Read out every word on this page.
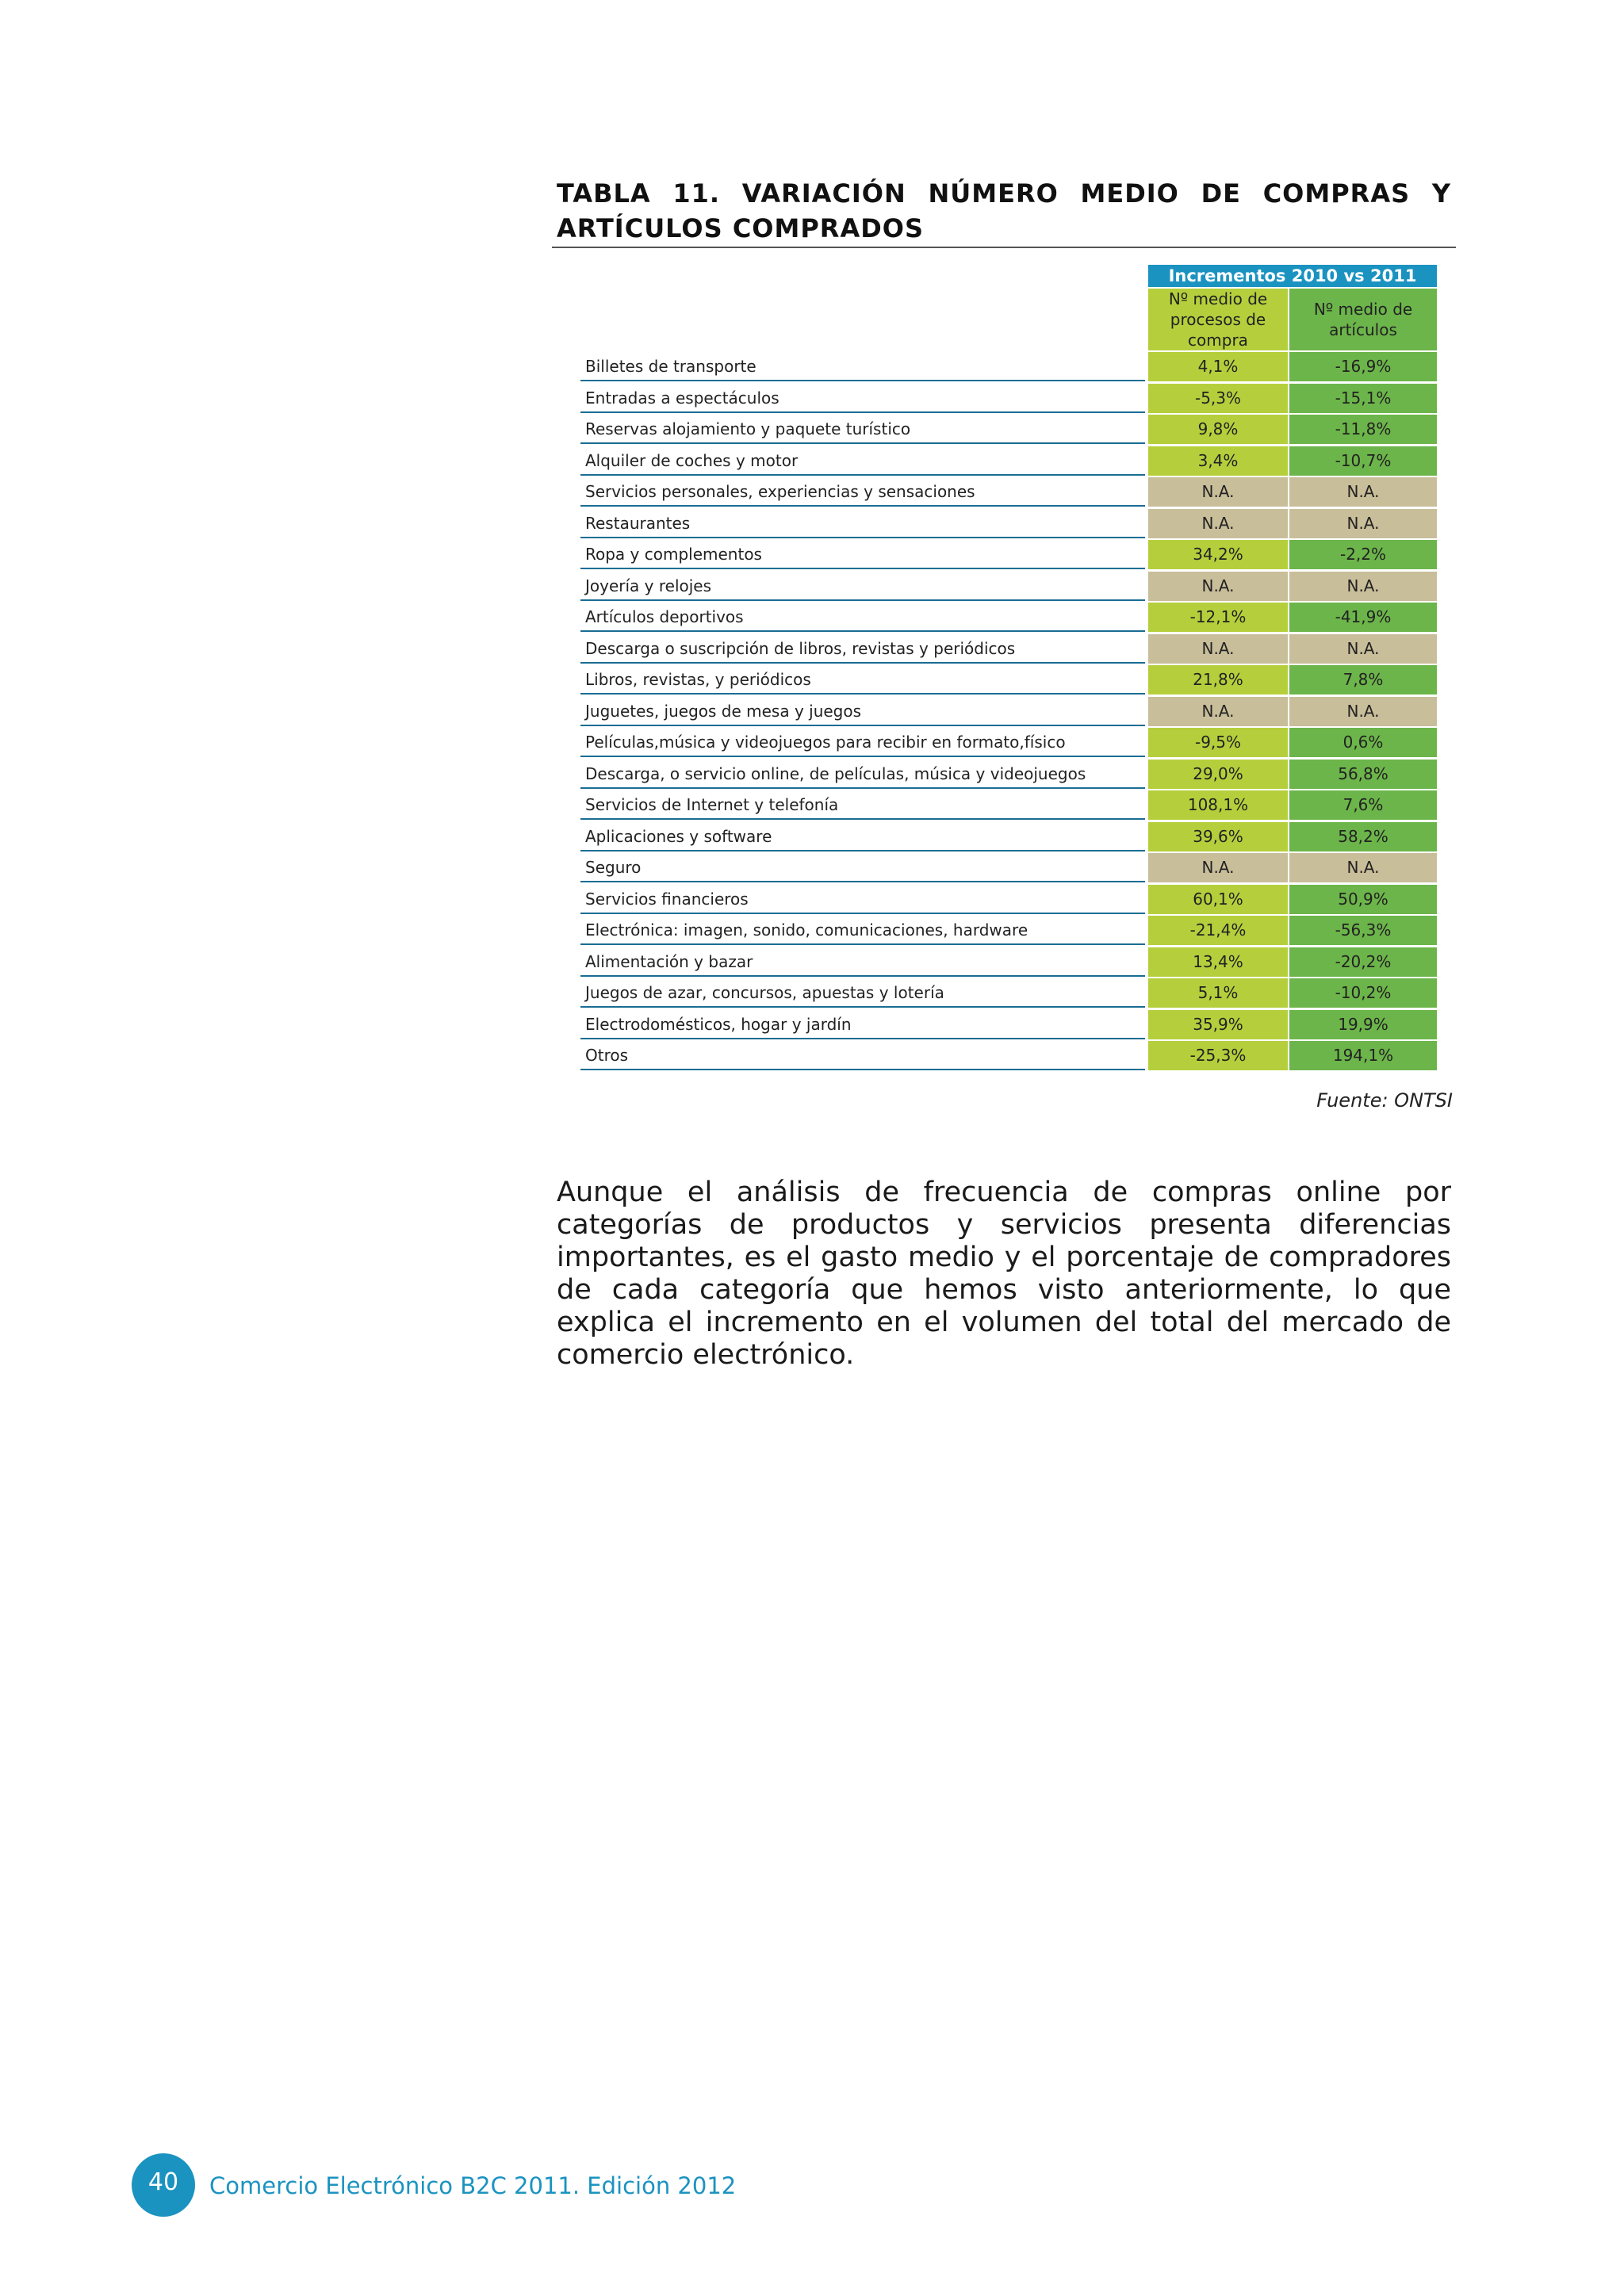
TABLA 11. VARIACIÓN NÚMERO MEDIO DE COMPRAS Y ARTÍCULOS COMPRADOS
Incrementos 2010 vs 2011
Nº medio de procesos de compra
Nº medio de artículos
Billetes de transporte	4,1%	-16,9%
Entradas a espectáculos	-5,3%	-15,1%
Reservas alojamiento y paquete turístico	9,8%	-11,8%
Alquiler de coches y motor	3,4%	-10,7%
Servicios personales, experiencias y sensaciones	N.A.	N.A.
Restaurantes	N.A.	N.A.
Ropa y complementos	34,2%	-2,2%
Joyería y relojes	N.A.	N.A.
Artículos deportivos	-12,1%	-41,9%
Descarga o suscripción de libros, revistas y periódicos	N.A.	N.A.
Libros, revistas, y periódicos	21,8%	7,8%
Juguetes, juegos de mesa y juegos	N.A.	N.A.
Películas,música y videojuegos para recibir en formato,físico	-9,5%	0,6%
Descarga, o servicio online, de películas, música y videojuegos	29,0%	56,8%
Servicios de Internet y telefonía	108,1%	7,6%
Aplicaciones y software	39,6%	58,2%
Seguro	N.A.	N.A.
Servicios financieros	60,1%	50,9%
Electrónica: imagen, sonido, comunicaciones, hardware	-21,4%	-56,3%
Alimentación y bazar	13,4%	-20,2%
Juegos de azar, concursos, apuestas y lotería	5,1%	-10,2%
Electrodomésticos, hogar y jardín	35,9%	19,9%
Otros	-25,3%	194,1%
Fuente: ONTSI
Aunque el análisis de frecuencia de compras online por categorías de productos y servicios presenta diferencias importantes, es el gasto medio y el porcentaje de compradores de cada categoría que hemos visto anteriormente, lo que explica el incremento en el volumen del total del mercado de comercio electrónico.
40	Comercio Electrónico B2C 2011. Edición 2012
